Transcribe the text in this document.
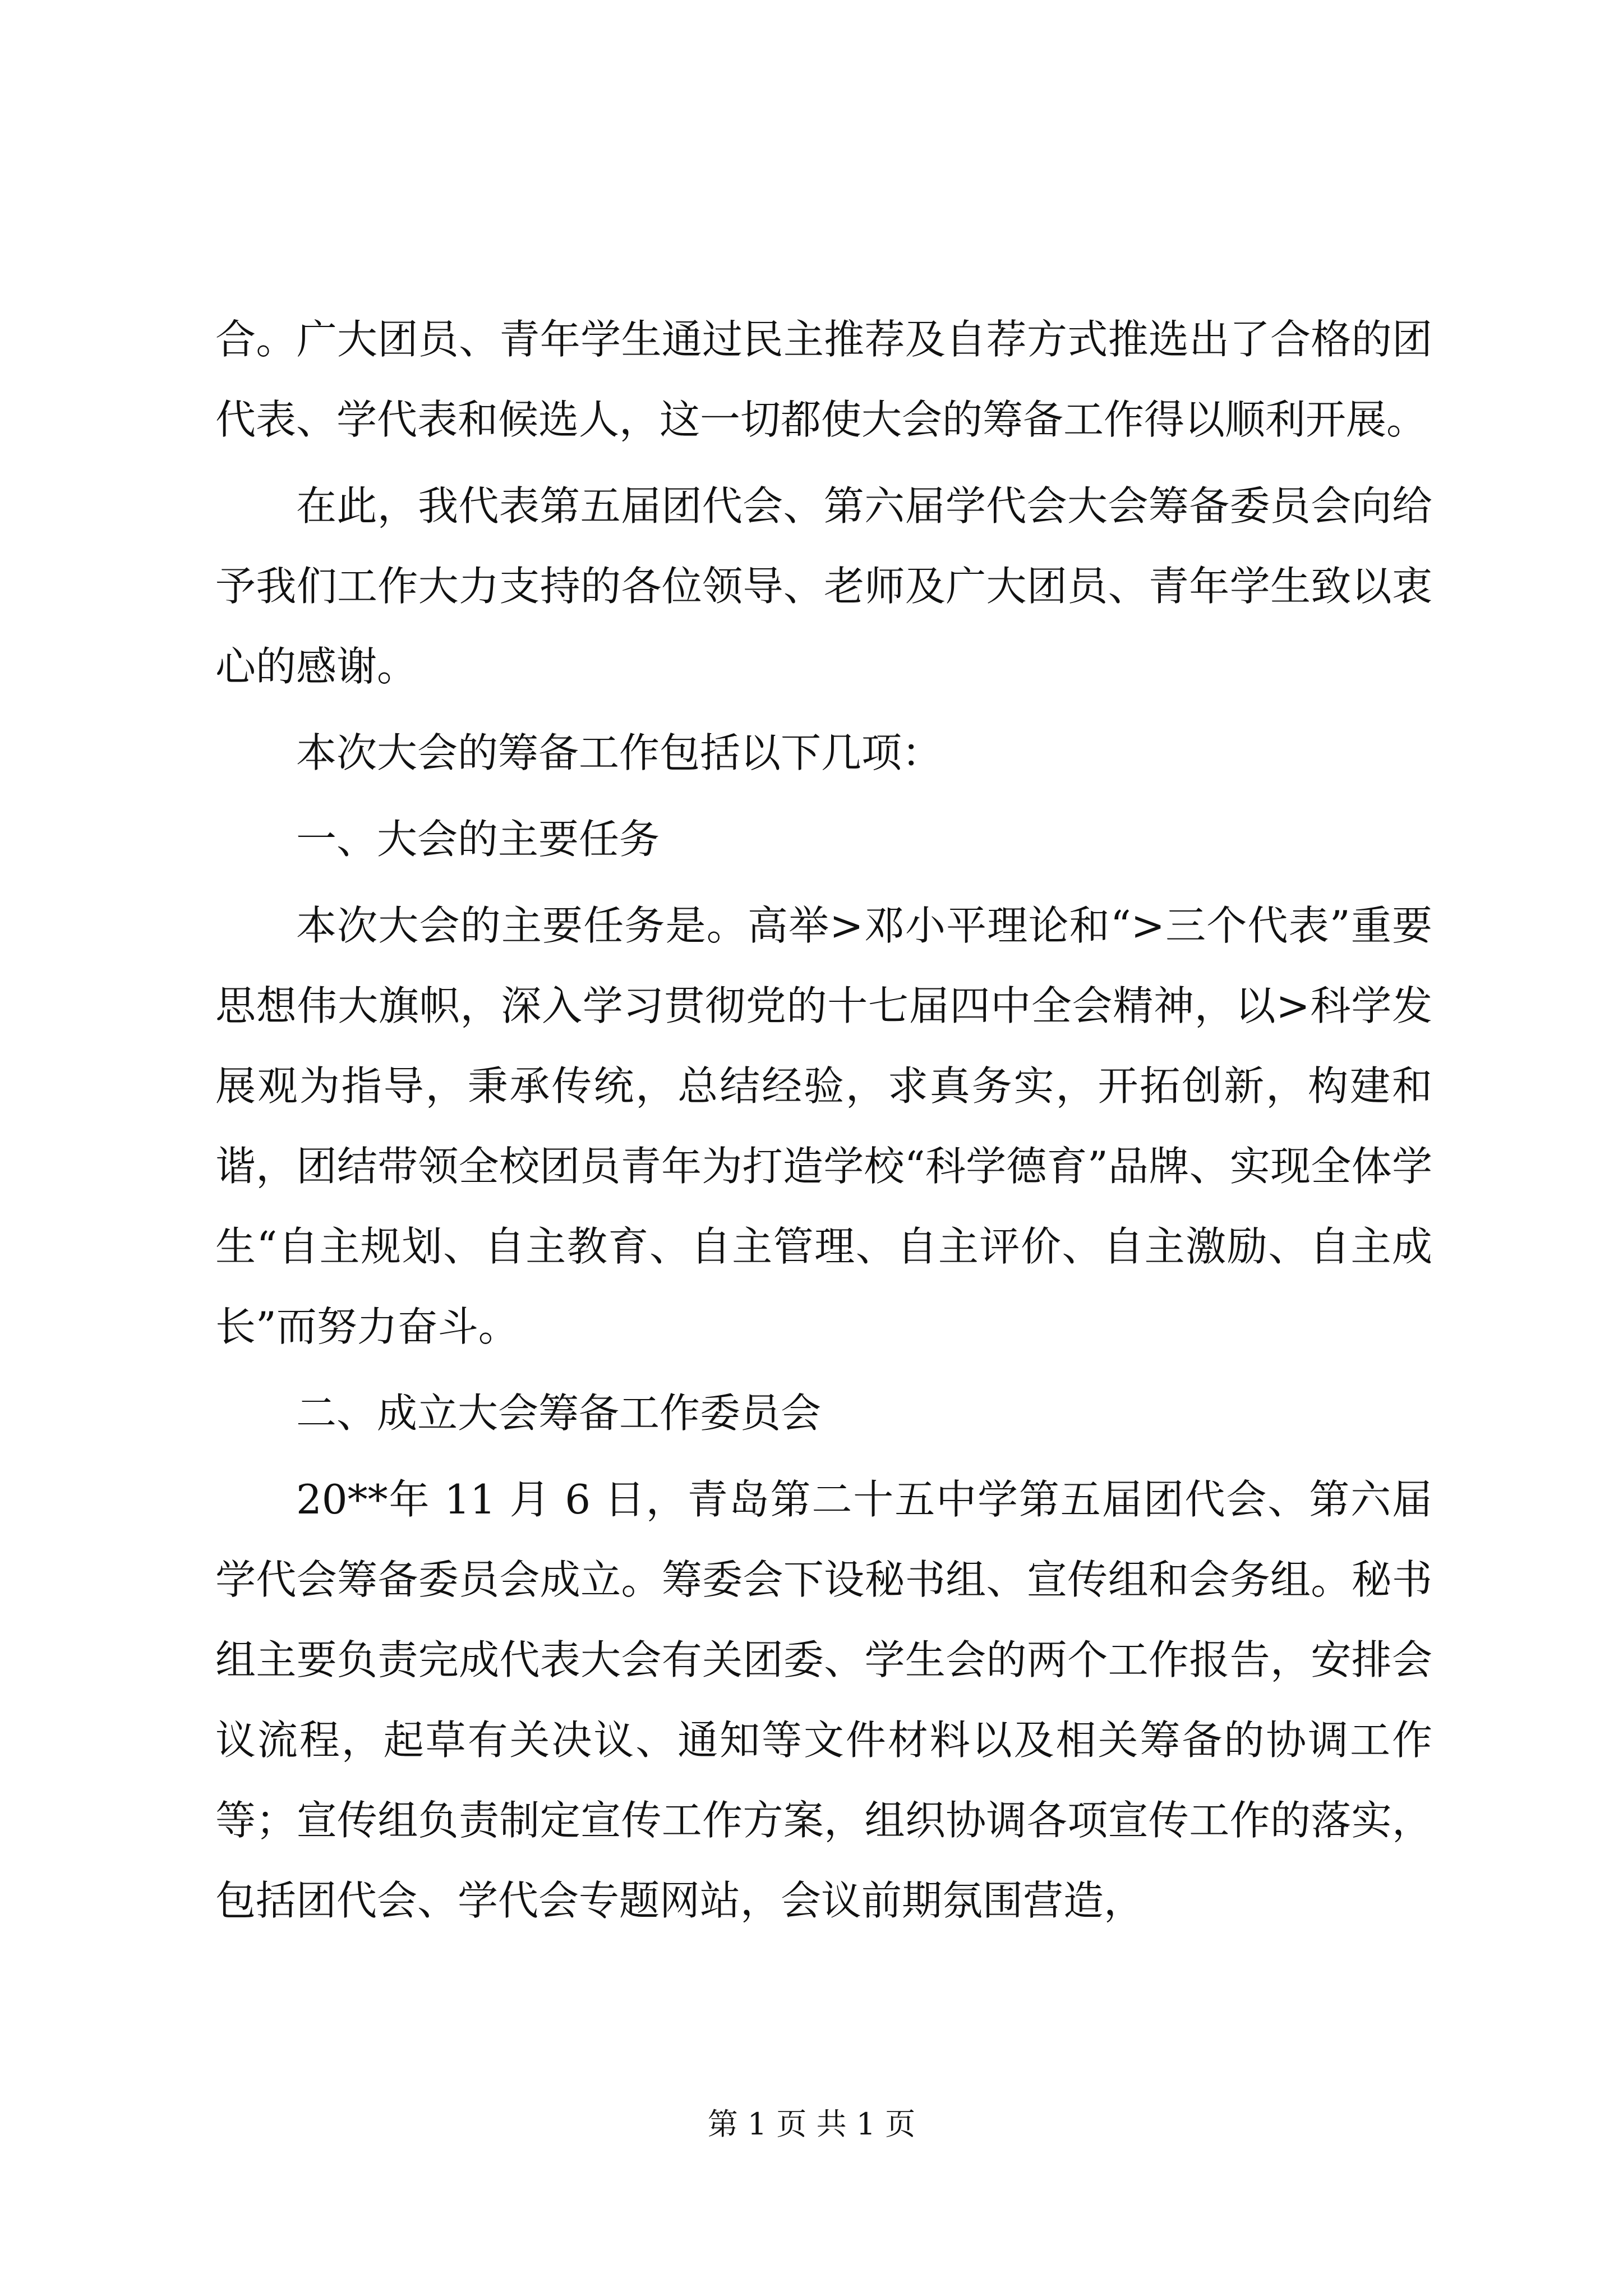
合。广大团员、青年学生通过民主推荐及自荐方式推选出了合格的团代表、学代表和候选人，这一切都使大会的筹备工作得以顺利开展。

在此，我代表第五届团代会、第六届学代会大会筹备委员会向给予我们工作大力支持的各位领导、老师及广大团员、青年学生致以衷心的感谢。

本次大会的筹备工作包括以下几项：

一、大会的主要任务

本次大会的主要任务是。高举>邓小平理论和“>三个代表”重要思想伟大旗帜，深入学习贯彻党的十七届四中全会精神，以>科学发展观为指导，秉承传统，总结经验，求真务实，开拓创新，构建和谐，团结带领全校团员青年为打造学校“科学德育”品牌、实现全体学生“自主规划、自主教育、自主管理、自主评价、自主激励、自主成长”而努力奋斗。

二、成立大会筹备工作委员会

20**年 11 月 6 日，青岛第二十五中学第五届团代会、第六届学代会筹备委员会成立。筹委会下设秘书组、宣传组和会务组。秘书组主要负责完成代表大会有关团委、学生会的两个工作报告，安排会议流程，起草有关决议、通知等文件材料以及相关筹备的协调工作等；宣传组负责制定宣传工作方案，组织协调各项宣传工作的落实，包括团代会、学代会专题网站，会议前期氛围营造，

第 1 页 共 1 页
